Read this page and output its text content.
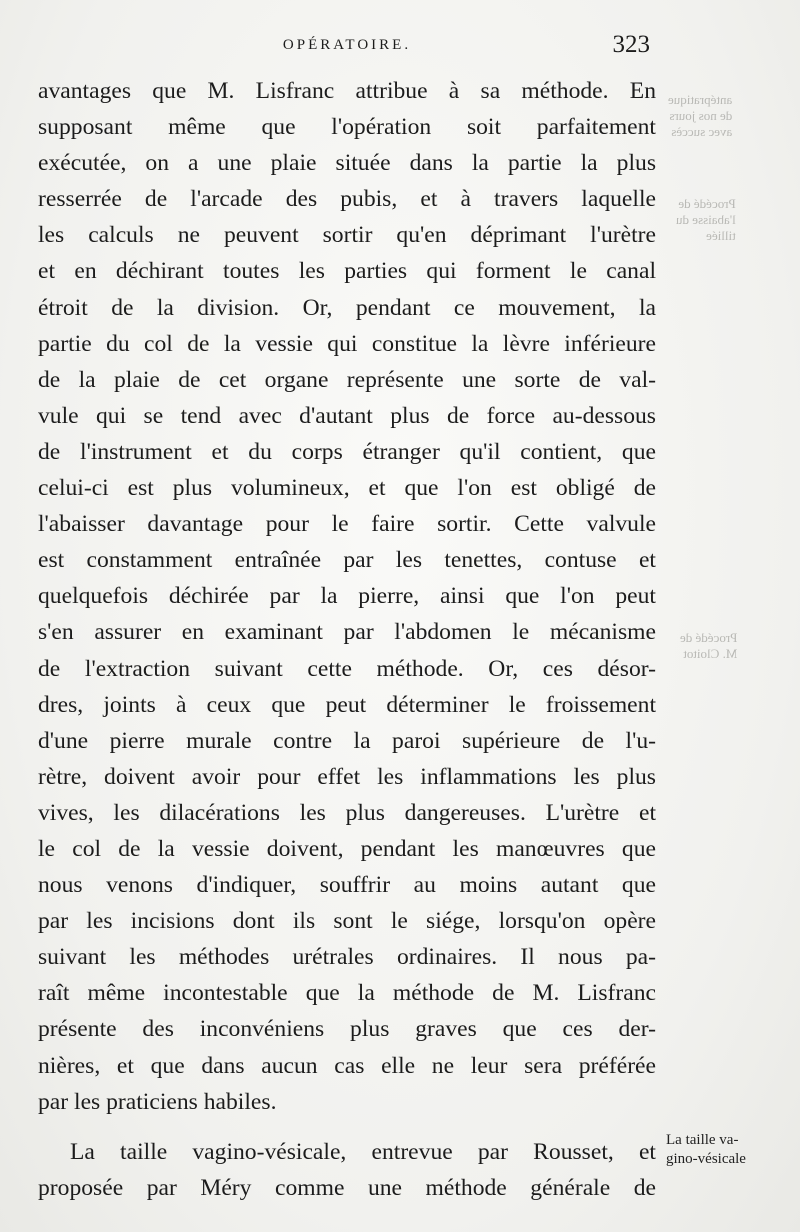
antépratique
de nos jours
avec succès
Procédé de
l'abaisse du
tilliée
Procédé de
M. Cloitot
OPÉRATOIRE.	323
avantages que M. Lisfranc attribue à sa méthode. En
supposant même que l'opération soit parfaitement
exécutée, on a une plaie située dans la partie la plus
resserrée de l'arcade des pubis, et à travers laquelle
les calculs ne peuvent sortir qu'en déprimant l'urètre
et en déchirant toutes les parties qui forment le canal
étroit de la division. Or, pendant ce mouvement, la
partie du col de la vessie qui constitue la lèvre inférieure
de la plaie de cet organe représente une sorte de val-
vule qui se tend avec d'autant plus de force au-dessous
de l'instrument et du corps étranger qu'il contient, que
celui-ci est plus volumineux, et que l'on est obligé de
l'abaisser davantage pour le faire sortir. Cette valvule
est constamment entraînée par les tenettes, contuse et
quelquefois déchirée par la pierre, ainsi que l'on peut
s'en assurer en examinant par l'abdomen le mécanisme
de l'extraction suivant cette méthode. Or, ces désor-
dres, joints à ceux que peut déterminer le froissement
d'une pierre murale contre la paroi supérieure de l'u-
rètre, doivent avoir pour effet les inflammations les plus
vives, les dilacérations les plus dangereuses. L'urètre et
le col de la vessie doivent, pendant les manœuvres que
nous venons d'indiquer, souffrir au moins autant que
par les incisions dont ils sont le siége, lorsqu'on opère
suivant les méthodes urétrales ordinaires. Il nous pa-
raît même incontestable que la méthode de M. Lisfranc
présente des inconvéniens plus graves que ces der-
nières, et que dans aucun cas elle ne leur sera préférée
par les praticiens habiles.
La taille vagino-vésicale, entrevue par Rousset, et
proposée par Méry comme une méthode générale de
La taille va-
gino-vésicale
